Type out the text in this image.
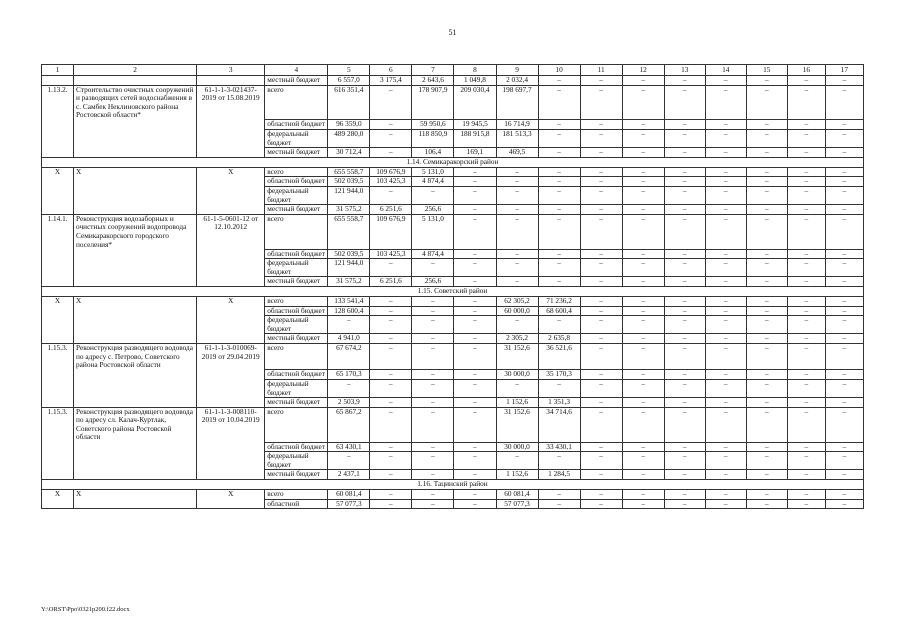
51
1	2	3	4	5	6	7	8	9	10	11	12	13	14	15	16	17
			местный бюджет	6 557,0	3 175,4	2 643,6	1 049,8	2 032,4	–	–	–	–	–	–	–	–
1.13.2.	Строительство очистных сооружений и разводящих сетей водоснабжения в с. Самбек Неклиновского района Ростовской области*	61-1-1-3-021437-2019 от 15.08.2019	всего	616 351,4	–	178 907,9	209 030,4	198 697,7	–	–	–	–	–	–	–	–
			областной бюджет	96 359,0	–	59 950,6	19 945,5	16 714,9	–	–	–	–	–	–	–	–
			федеральный бюджет	489 280,0	–	118 850,9	188 915,8	181 513,3	–	–	–	–	–	–	–	–
			местный бюджет	30 712,4	–	106,4	169,1	469,5	–	–	–	–	–	–	–	–
1.14. Семикаракорский район																
Х	Х	Х	всего	655 558,7	109 676,9	5 131,0	–	–	–	–	–	–	–	–	–	–
			областной бюджет	502 039,5	103 425,3	4 874,4	–	–	–	–	–	–	–	–	–	–
			федеральный бюджет	121 944,0	–	–	–	–	–	–	–	–	–	–	–	–
			местный бюджет	31 575,2	6 251,6	256,6	–	–	–	–	–	–	–	–	–	–
1.14.1.	Реконструкция водозаборных и очистных сооружений водопровода Семикаракорского городского поселения*	61-1-5-0601-12 от 12.10.2012	всего	655 558,7	109 676,9	5 131,0	–	–	–	–	–	–	–	–	–	–
			областной бюджет	502 039,5	103 425,3	4 874,4	–	–	–	–	–	–	–	–	–	–
			федеральный бюджет	121 944,0	–	–	–	–	–	–	–	–	–	–	–	–
			местный бюджет	31 575,2	6 251,6	256,6	–	–	–	–	–	–	–	–	–	–
1.15. Советский район																
Х	Х	Х	всего	133 541,4	–	–	–	62 305,2	71 236,2	–	–	–	–	–	–	–
			областной бюджет	128 600,4	–	–	–	60 000,0	68 600,4	–	–	–	–	–	–	–
			федеральный бюджет	–	–	–	–	–	–	–	–	–	–	–	–	–
			местный бюджет	4 941,0	–	–	–	2 305,2	2 635,8	–	–	–	–	–	–	–
1.15.3.	Реконструкция разводящего водовода по адресу с. Петрово, Советского района Ростовской области	61-1-1-3-010069-2019 от 29.04.2019	всего	67 674,2	–	–	–	31 152,6	36 521,6	–	–	–	–	–	–	–
			областной бюджет	65 170,3	–	–	–	30 000,0	35 170,3	–	–	–	–	–	–	–
			федеральный бюджет	–	–	–	–	–	–	–	–	–	–	–	–	–
			местный бюджет	2 503,9	–	–	–	1 152,6	1 351,3	–	–	–	–	–	–	–
1.15.3.	Реконструкция разводящего водовода по адресу сл. Калач-Куртлак, Советского района Ростовской области	61-1-1-3-008110-2019 от 10.04.2019	всего	65 867,2	–	–	–	31 152,6	34 714,6	–	–	–	–	–	–	–
			областной бюджет	63 430,1	–	–	–	30 000,0	33 430,1	–	–	–	–	–	–	–
			федеральный бюджет	–	–	–	–	–	–	–	–	–	–	–	–	–
			местный бюджет	2 437,1	–	–	–	1 152,6	1 284,5	–	–	–	–	–	–	–
1.16. Тацинский район																
Х	Х	Х	всего	60 081,4	–	–	–	60 081,4	–	–	–	–	–	–	–	–
			областной	57 077,3	–	–	–	57 077,3	–	–	–	–	–	–	–	–
Y:\ORST\Ppo\0321p200.f22.docx
